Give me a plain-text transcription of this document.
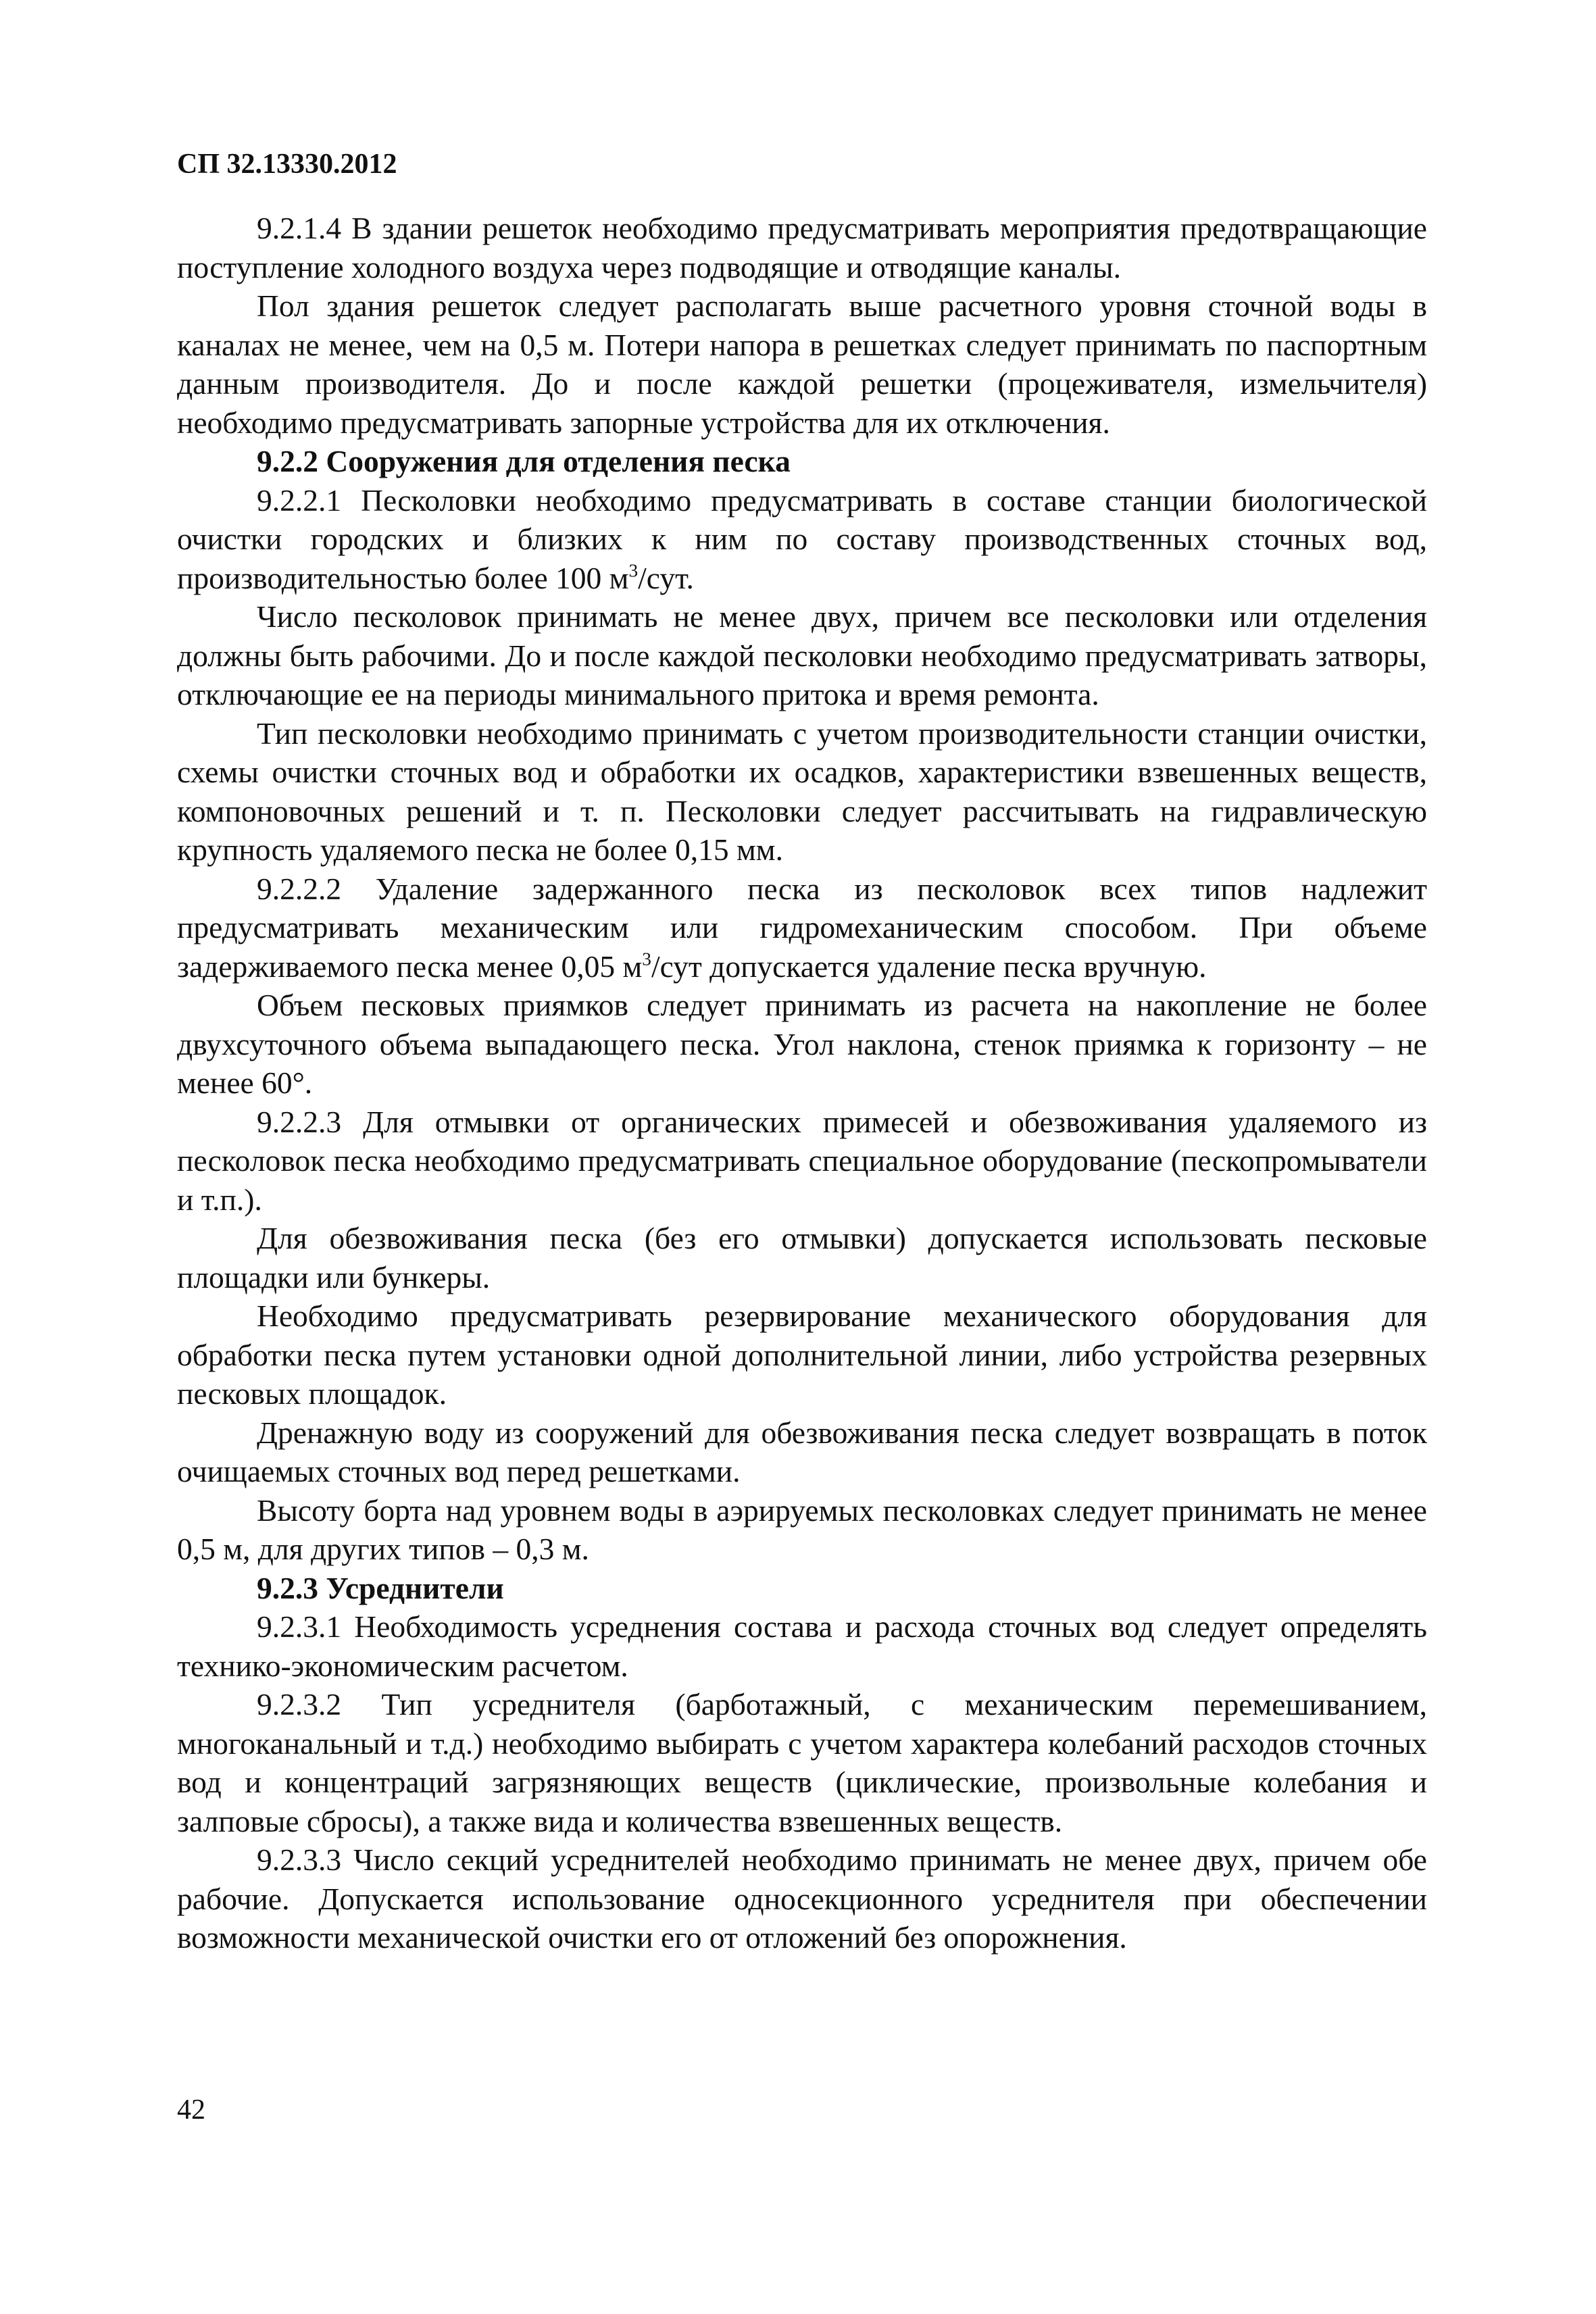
СП 32.13330.2012

9.2.1.4 В здании решеток необходимо предусматривать мероприятия предотвращающие поступление холодного воздуха через подводящие и отводящие каналы.

Пол здания решеток следует располагать выше расчетного уровня сточной воды в каналах не менее, чем на 0,5 м. Потери напора в решетках следует принимать по паспортным данным производителя. До и после каждой решетки (процеживателя, измельчителя) необходимо предусматривать запорные устройства для их отключения.

9.2.2 Сооружения для отделения песка

9.2.2.1 Песколовки необходимо предусматривать в составе станции биологической очистки городских и близких к ним по составу производственных сточных вод, производительностью более 100 $м^3$/сут.

Число песколовок принимать не менее двух, причем все песколовки или отделения должны быть рабочими. До и после каждой песколовки необходимо предусматривать затворы, отключающие ее на периоды минимального притока и время ремонта.

Тип песколовки необходимо принимать с учетом производительности станции очистки, схемы очистки сточных вод и обработки их осадков, характеристики взвешенных веществ, компоновочных решений и т. п. Песколовки следует рассчитывать на гидравлическую крупность удаляемого песка не более 0,15 мм.

9.2.2.2 Удаление задержанного песка из песколовок всех типов надлежит предусматривать механическим или гидромеханическим способом. При объеме задерживаемого песка менее 0,05 $м^3$/сут допускается удаление песка вручную.

Объем песковых приямков следует принимать из расчета на накопление не более двухсуточного объема выпадающего песка. Угол наклона, стенок приямка к горизонту – не менее 60°.

9.2.2.3 Для отмывки от органических примесей и обезвоживания удаляемого из песколовок песка необходимо предусматривать специальное оборудование (пескопромыватели и т.п.).

Для обезвоживания песка (без его отмывки) допускается использовать песковые площадки или бункеры.

Необходимо предусматривать резервирование механического оборудования для обработки песка путем установки одной дополнительной линии, либо устройства резервных песковых площадок.

Дренажную воду из сооружений для обезвоживания песка следует возвращать в поток очищаемых сточных вод перед решетками.

Высоту борта над уровнем воды в аэрируемых песколовках следует принимать не менее 0,5 м, для других типов – 0,3 м.

9.2.3 Усреднители

9.2.3.1 Необходимость усреднения состава и расхода сточных вод следует определять технико-экономическим расчетом.

9.2.3.2 Тип усреднителя (барботажный, с механическим перемешиванием, многоканальный и т.д.) необходимо выбирать с учетом характера колебаний расходов сточных вод и концентраций загрязняющих веществ (циклические, произвольные колебания и залповые сбросы), а также вида и количества взвешенных веществ.

9.2.3.3 Число секций усреднителей необходимо принимать не менее двух, причем обе рабочие. Допускается использование односекционного усреднителя при обеспечении возможности механической очистки его от отложений без опорожнения.

42
